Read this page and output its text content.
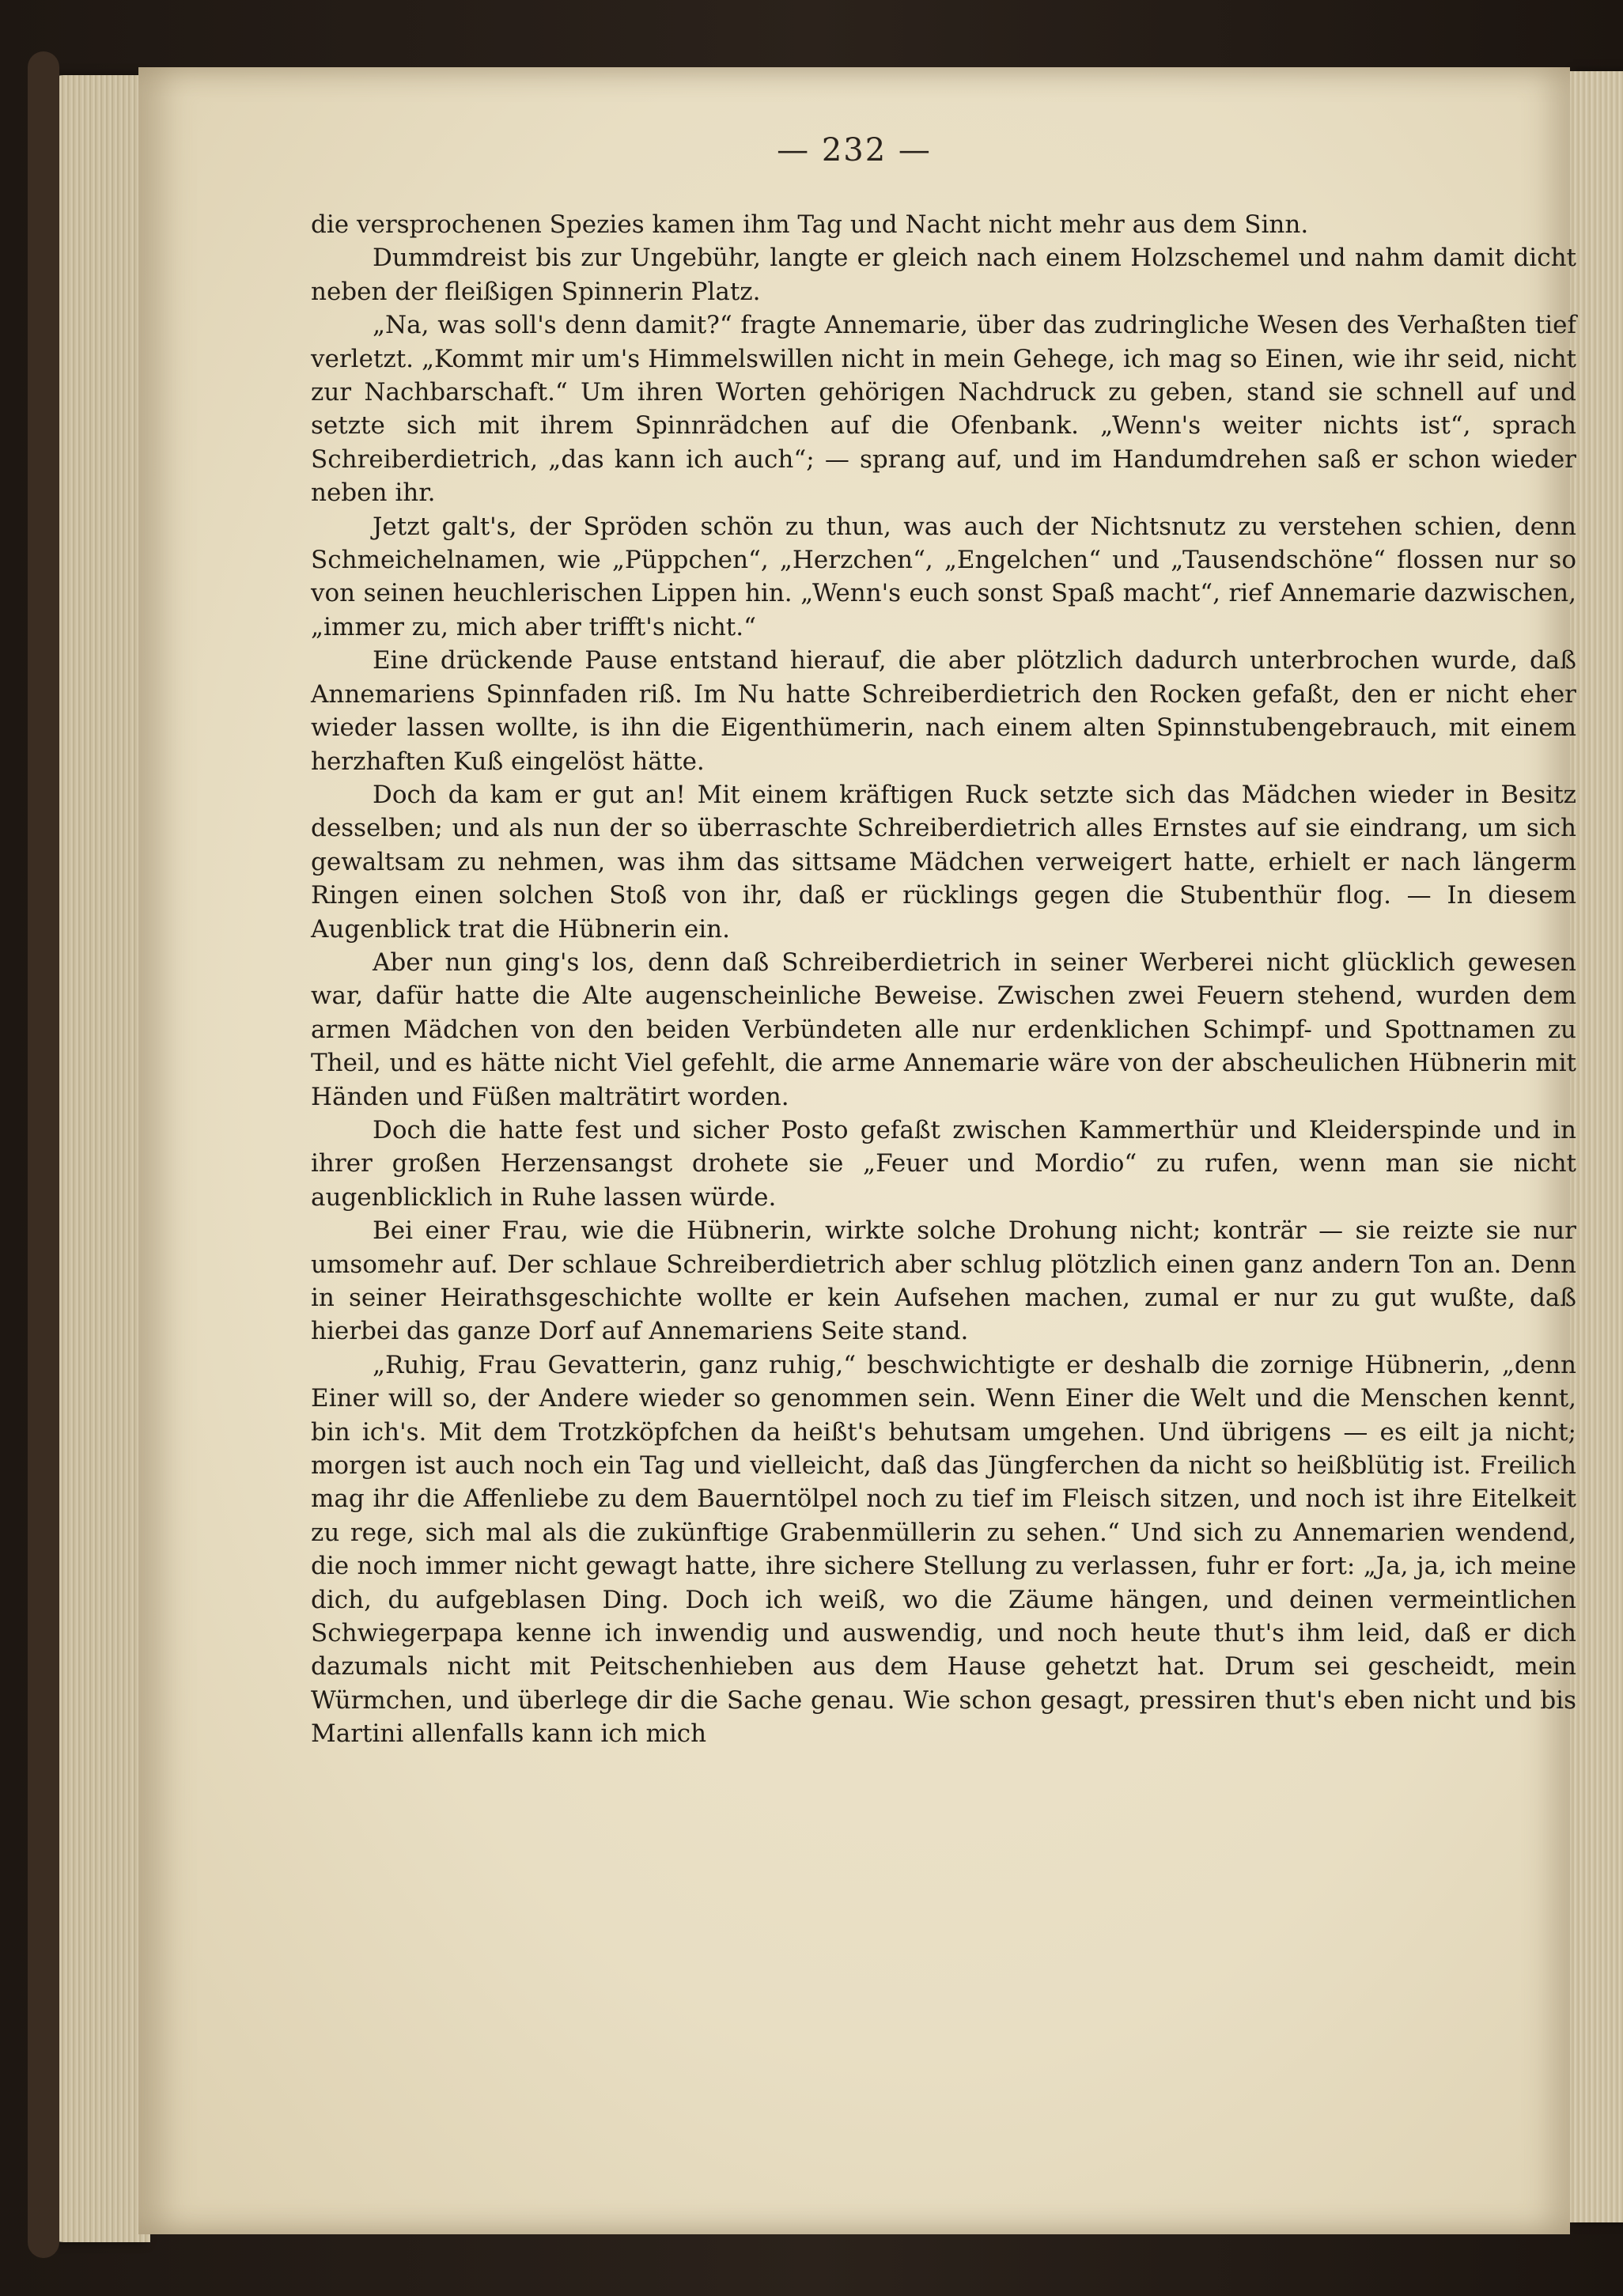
— 232 —

die versprochenen Spezies kamen ihm Tag und Nacht nicht mehr aus dem Sinn.

Dummdreist bis zur Ungebühr, langte er gleich nach einem Holzschemel und nahm damit dicht neben der fleißigen Spinnerin Platz.

„Na, was soll's denn damit?“ fragte Annemarie, über das zudringliche Wesen des Verhaßten tief verletzt. „Kommt mir um's Himmelswillen nicht in mein Gehege, ich mag so Einen, wie ihr seid, nicht zur Nachbarschaft.“ Um ihren Worten gehörigen Nachdruck zu geben, stand sie schnell auf und setzte sich mit ihrem Spinnrädchen auf die Ofenbank. „Wenn's weiter nichts ist“, sprach Schreiberdietrich, „das kann ich auch“; — sprang auf, und im Handumdrehen saß er schon wieder neben ihr.

Jetzt galt's, der Spröden schön zu thun, was auch der Nichtsnutz zu verstehen schien, denn Schmeichelnamen, wie „Püppchen“, „Herzchen“, „Engelchen“ und „Tausendschöne“ flossen nur so von seinen heuchlerischen Lippen hin. „Wenn's euch sonst Spaß macht“, rief Annemarie dazwischen, „immer zu, mich aber trifft's nicht.“

Eine drückende Pause entstand hierauf, die aber plötzlich dadurch unterbrochen wurde, daß Annemariens Spinnfaden riß. Im Nu hatte Schreiberdietrich den Rocken gefaßt, den er nicht eher wieder lassen wollte, is ihn die Eigenthümerin, nach einem alten Spinnstubengebrauch, mit einem herzhaften Kuß eingelöst hätte.

Doch da kam er gut an! Mit einem kräftigen Ruck setzte sich das Mädchen wieder in Besitz desselben; und als nun der so überraschte Schreiberdietrich alles Ernstes auf sie eindrang, um sich gewaltsam zu nehmen, was ihm das sittsame Mädchen verweigert hatte, erhielt er nach längerm Ringen einen solchen Stoß von ihr, daß er rücklings gegen die Stubenthür flog. — In diesem Augenblick trat die Hübnerin ein.

Aber nun ging's los, denn daß Schreiberdietrich in seiner Werberei nicht glücklich gewesen war, dafür hatte die Alte augenscheinliche Beweise. Zwischen zwei Feuern stehend, wurden dem armen Mädchen von den beiden Verbündeten alle nur erdenklichen Schimpf- und Spottnamen zu Theil, und es hätte nicht Viel gefehlt, die arme Annemarie wäre von der abscheulichen Hübnerin mit Händen und Füßen malträtirt worden.

Doch die hatte fest und sicher Posto gefaßt zwischen Kammerthür und Kleiderspinde und in ihrer großen Herzensangst drohete sie „Feuer und Mordio“ zu rufen, wenn man sie nicht augenblicklich in Ruhe lassen würde.

Bei einer Frau, wie die Hübnerin, wirkte solche Drohung nicht; konträr — sie reizte sie nur umsomehr auf. Der schlaue Schreiberdietrich aber schlug plötzlich einen ganz andern Ton an. Denn in seiner Heirathsgeschichte wollte er kein Aufsehen machen, zumal er nur zu gut wußte, daß hierbei das ganze Dorf auf Annemariens Seite stand.

„Ruhig, Frau Gevatterin, ganz ruhig,“ beschwichtigte er deshalb die zornige Hübnerin, „denn Einer will so, der Andere wieder so genommen sein. Wenn Einer die Welt und die Menschen kennt, bin ich's. Mit dem Trotzköpfchen da heißt's behutsam umgehen. Und übrigens — es eilt ja nicht; morgen ist auch noch ein Tag und vielleicht, daß das Jüngferchen da nicht so heißblütig ist. Freilich mag ihr die Affenliebe zu dem Bauerntölpel noch zu tief im Fleisch sitzen, und noch ist ihre Eitelkeit zu rege, sich mal als die zukünftige Grabenmüllerin zu sehen.“ Und sich zu Annemarien wendend, die noch immer nicht gewagt hatte, ihre sichere Stellung zu verlassen, fuhr er fort: „Ja, ja, ich meine dich, du aufgeblasen Ding. Doch ich weiß, wo die Zäume hängen, und deinen vermeintlichen Schwiegerpapa kenne ich inwendig und auswendig, und noch heute thut's ihm leid, daß er dich dazumals nicht mit Peitschenhieben aus dem Hause gehetzt hat. Drum sei gescheidt, mein Würmchen, und überlege dir die Sache genau. Wie schon gesagt, pressiren thut's eben nicht und bis Martini allenfalls kann ich mich
